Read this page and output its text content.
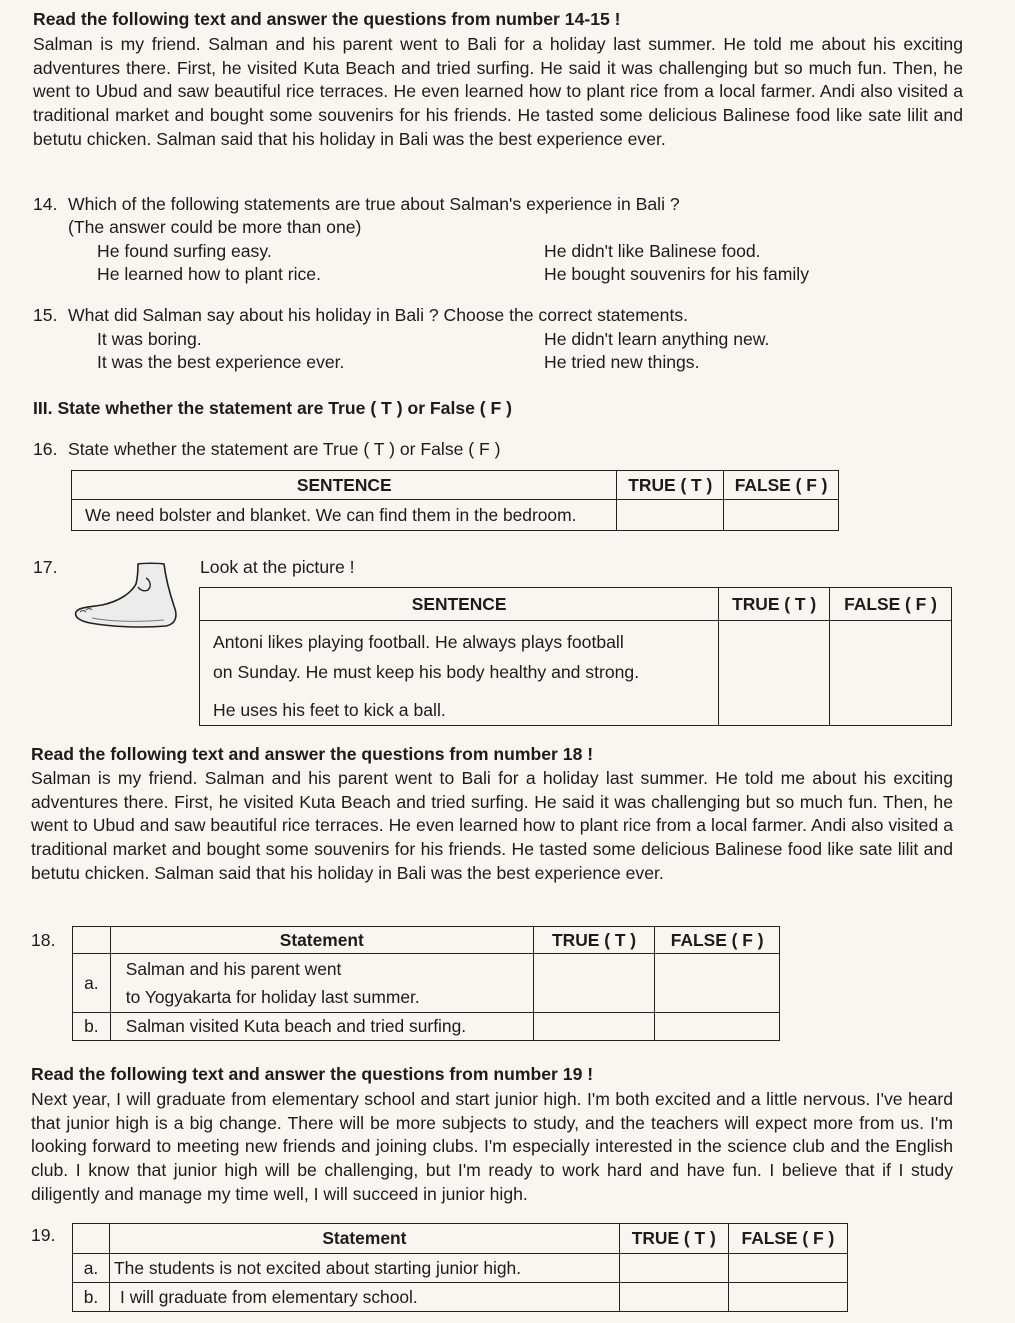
Read the following text and answer the questions from number 14-15 !

Salman is my friend. Salman and his parent went to Bali for a holiday last summer. He told me about his exciting adventures there. First, he visited Kuta Beach and tried surfing. He said it was challenging but so much fun. Then, he went to Ubud and saw beautiful rice terraces. He even learned how to plant rice from a local farmer. Andi also visited a traditional market and bought some souvenirs for his friends. He tasted some delicious Balinese food like sate lilit and betutu chicken. Salman said that his holiday in Bali was the best experience ever.

14. Which of the following statements are true about Salman's experience in Bali ?

(The answer could be more than one)

He found surfing easy.	He didn't like Balinese food.

He learned how to plant rice.	He bought souvenirs for his family

15. What did Salman say about his holiday in Bali ? Choose the correct statements.

It was boring.	He didn't learn anything new.

It was the best experience ever.	He tried new things.

III. State whether the statement are True ( T ) or False ( F )

16. State whether the statement are True ( T ) or False ( F )

SENTENCE	TRUE ( T )	FALSE ( F )
We need bolster and blanket. We can find them in the bedroom.		

17.	Look at the picture !

SENTENCE	TRUE ( T )	FALSE ( F )

Antoni likes playing football. He always plays football
on Sunday. He must keep his body healthy and strong.
He uses his feet to kick a ball.		

Read the following text and answer the questions from number 18 !

Salman is my friend. Salman and his parent went to Bali for a holiday last summer. He told me about his exciting adventures there. First, he visited Kuta Beach and tried surfing. He said it was challenging but so much fun. Then, he went to Ubud and saw beautiful rice terraces. He even learned how to plant rice from a local farmer. Andi also visited a traditional market and bought some souvenirs for his friends. He tasted some delicious Balinese food like sate lilit and betutu chicken. Salman said that his holiday in Bali was the best experience ever.

18.

		Statement	TRUE ( T )	FALSE ( F )
a.	Salman and his parent went
to Yogyakarta for holiday last summer.		
b.	Salman visited Kuta beach and tried surfing.		

Read the following text and answer the questions from number 19 !

Next year, I will graduate from elementary school and start junior high. I'm both excited and a little nervous. I've heard that junior high is a big change. There will be more subjects to study, and the teachers will expect more from us. I'm looking forward to meeting new friends and joining clubs. I'm especially interested in the science club and the English club. I know that junior high will be challenging, but I'm ready to work hard and have fun. I believe that if I study diligently and manage my time well, I will succeed in junior high.

19.

		Statement	TRUE ( T )	FALSE ( F )
a.	The students is not excited about starting junior high.		
b.	I will graduate from elementary school.		
